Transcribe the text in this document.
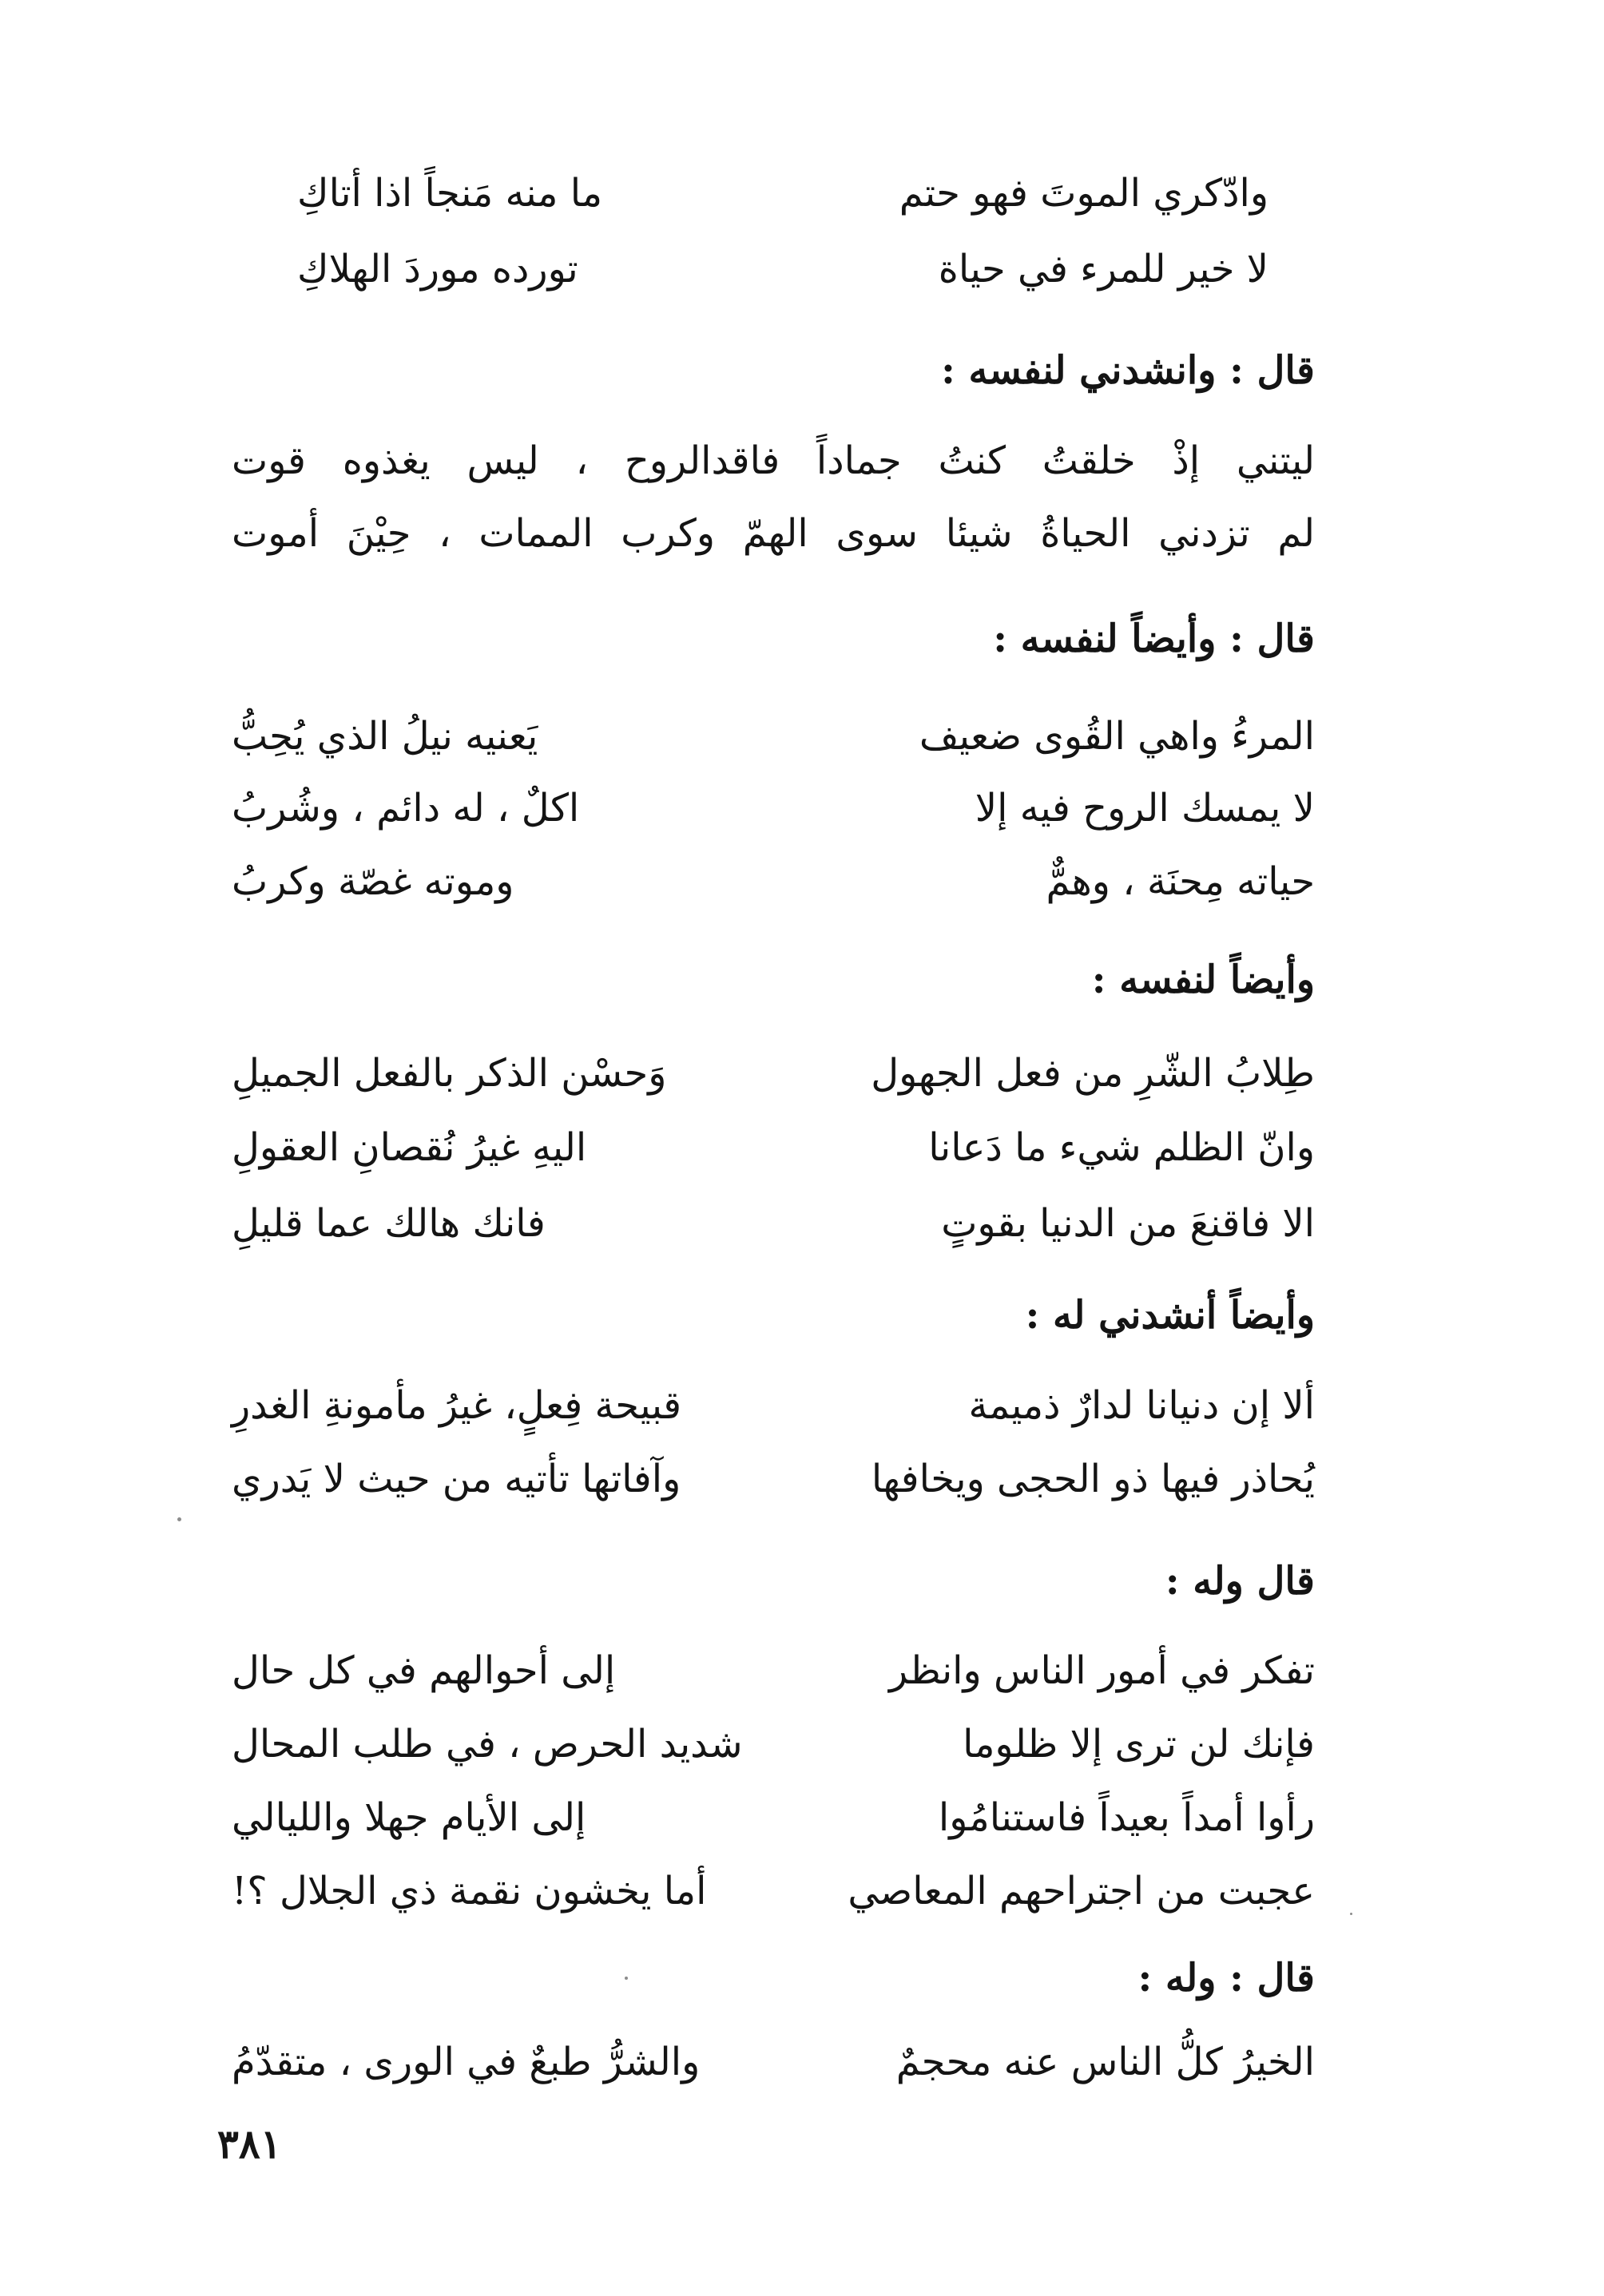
وادّكري الموتَ فهو حتم
ما منه مَنجاً اذا أتاكِ
لا خير للمرء في حياة
تورده موردَ الهلاكِ
قال : وانشدني لنفسه :
ليتني إذْ خلقتُ كنتُ جماداً فاقدالروح ، ليس يغذوه قوت
لم تزدني الحياةُ شيئا سوى الهمّ وكرب الممات ، حِيْنَ أموت
قال : وأيضاً لنفسه :
المرءُ واهي القُوى ضعيف
يَعنيه نيلُ الذي يُحِبُّ
لا يمسك الروح فيه إلا
اكلٌ ، له دائم ، وشُربُ
حياته مِحنَة ، وهمٌّ
وموته غصّة وكربُ
وأيضاً لنفسه :
طِلابُ الشّرِ من فعل الجهول
وَحسْن الذكر بالفعل الجميلِ
وانّ الظلم شيء ما دَعانا
اليهِ غيرُ نُقصانِ العقولِ
الا فاقنعَ من الدنيا بقوتٍ
فانك هالك عما قليلِ
وأيضاً أنشدني له :
ألا إن دنيانا لدارٌ ذميمة
قبيحة فِعلٍ، غيرُ مأمونةِ الغدرِ
يُحاذر فيها ذو الحجى ويخافها
وآفاتها تأتيه من حيث لا يَدري
قال وله :
تفكر في أمور الناس وانظر
إلى أحوالهم في كل حال
فإنك لن ترى إلا ظلوما
شديد الحرص ، في طلب المحال
رأوا أمداً بعيداً فاستنامُوا
إلى الأيام جهلا والليالي
عجبت من اجتراحهم المعاصي
أما يخشون نقمة ذي الجلال ؟!
قال : وله :
الخيرُ كلُّ الناس عنه محجمٌ
والشرُّ طبعٌ في الورى ، متقدّمُ
٣٨١
